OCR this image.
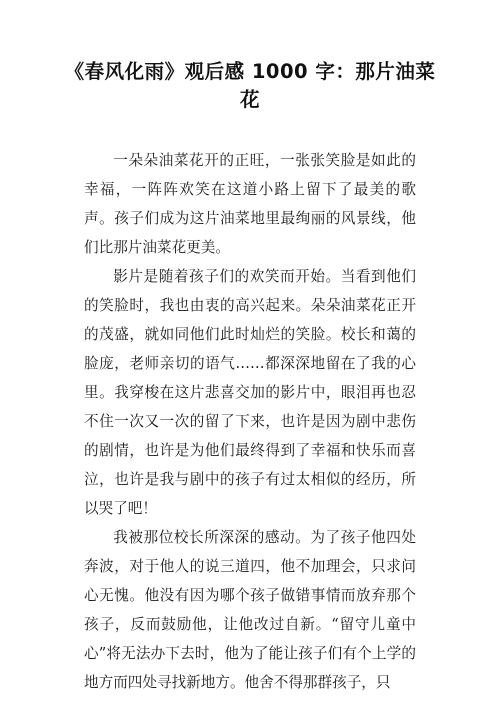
《春风化雨》观后感 1000 字：那片油菜花

一朵朵油菜花开的正旺，一张张笑脸是如此的幸福，一阵阵欢笑在这道小路上留下了最美的歌声。孩子们成为这片油菜地里最绚丽的风景线，他们比那片油菜花更美。

影片是随着孩子们的欢笑而开始。当看到他们的笑脸时，我也由衷的高兴起来。朵朵油菜花正开的茂盛，就如同他们此时灿烂的笑脸。校长和蔼的脸庞，老师亲切的语气……都深深地留在了我的心里。我穿梭在这片悲喜交加的影片中，眼泪再也忍不住一次又一次的留了下来，也许是因为剧中悲伤的剧情，也许是为他们最终得到了幸福和快乐而喜泣，也许是我与剧中的孩子有过太相似的经历，所以哭了吧！

我被那位校长所深深的感动。为了孩子他四处奔波，对于他人的说三道四，他不加理会，只求问心无愧。他没有因为哪个孩子做错事情而放弃那个孩子，反而鼓励他，让他改过自新。“留守儿童中心”将无法办下去时，他为了能让孩子们有个上学的地方而四处寻找新地方。他舍不得那群孩子，只
